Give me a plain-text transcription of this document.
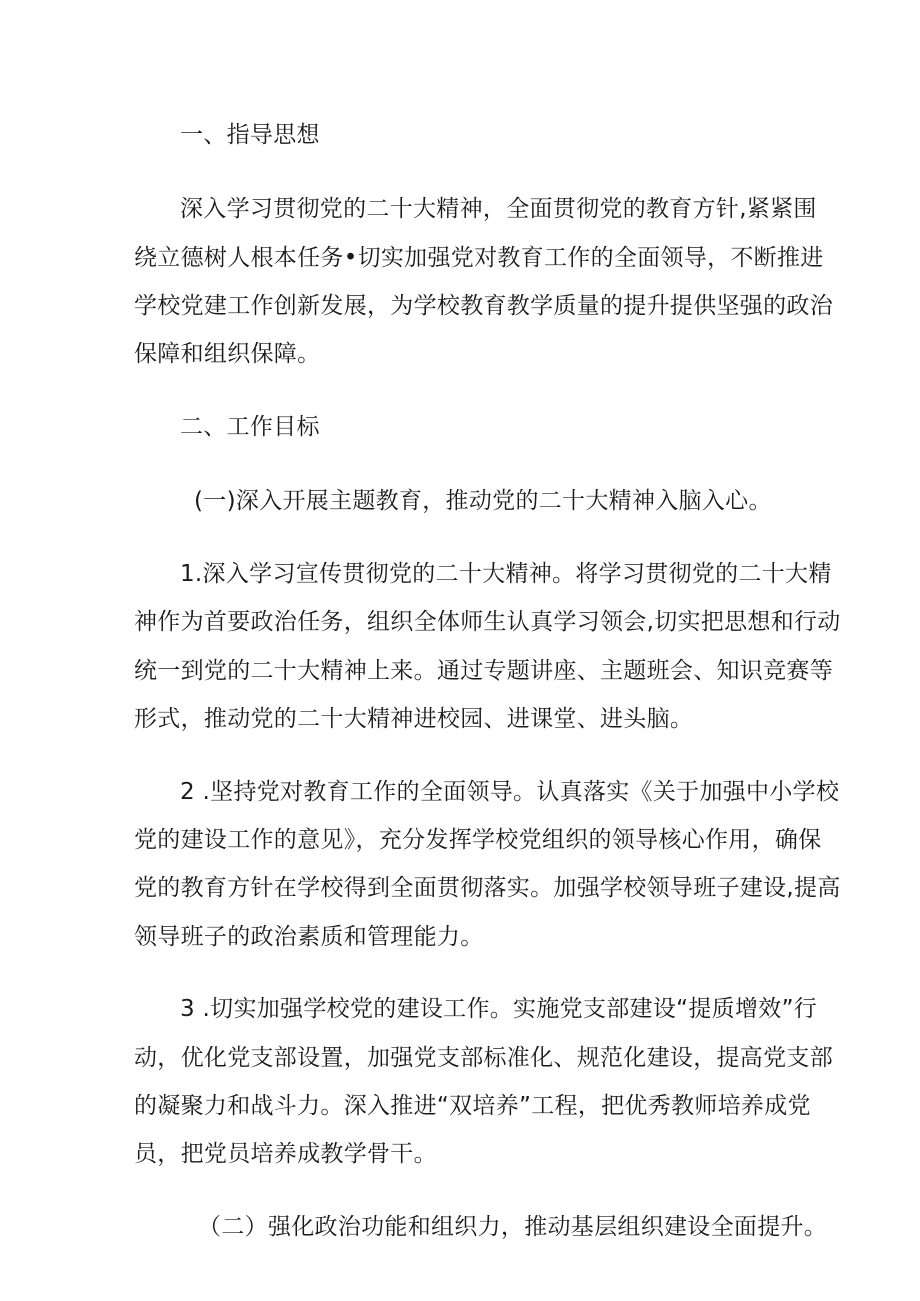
一、指导思想
深入学习贯彻党的二十大精神，全面贯彻党的教育方针,紧紧围
绕立德树人根本任务•切实加强党对教育工作的全面领导，不断推进
学校党建工作创新发展，为学校教育教学质量的提升提供坚强的政治
保障和组织保障。
二、工作目标
(一)深入开展主题教育，推动党的二十大精神入脑入心。
1.深入学习宣传贯彻党的二十大精神。将学习贯彻党的二十大精
神作为首要政治任务，组织全体师生认真学习领会,切实把思想和行动
统一到党的二十大精神上来。通过专题讲座、主题班会、知识竞赛等
形式，推动党的二十大精神进校园、进课堂、进头脑。
2 .坚持党对教育工作的全面领导。认真落实《关于加强中小学校
党的建设工作的意见》，充分发挥学校党组织的领导核心作用，确保
党的教育方针在学校得到全面贯彻落实。加强学校领导班子建设,提高
领导班子的政治素质和管理能力。
3 .切实加强学校党的建设工作。实施党支部建设“提质增效”行
动，优化党支部设置，加强党支部标准化、规范化建设，提高党支部
的凝聚力和战斗力。深入推进“双培养”工程，把优秀教师培养成党
员，把党员培养成教学骨干。
（二）强化政治功能和组织力，推动基层组织建设全面提升。
